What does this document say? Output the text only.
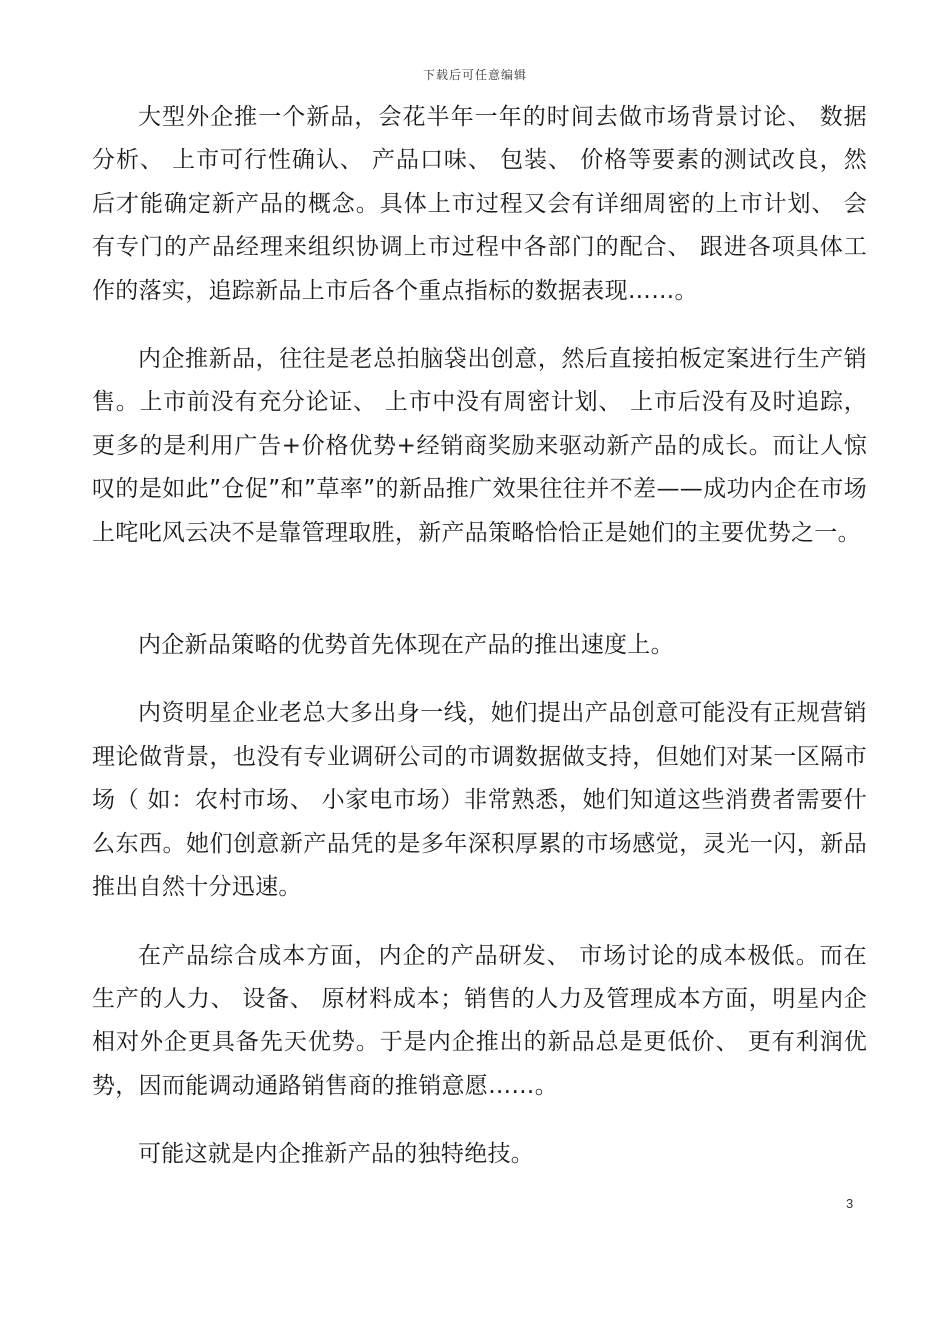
下载后可任意编辑

大型外企推一个新品，会花半年一年的时间去做市场背景讨论、 数据分析、 上市可行性确认、 产品口味、 包装、 价格等要素的测试改良，然后才能确定新产品的概念。具体上市过程又会有详细周密的上市计划、 会有专门的产品经理来组织协调上市过程中各部门的配合、 跟进各项具体工作的落实，追踪新品上市后各个重点指标的数据表现……。

内企推新品，往往是老总拍脑袋出创意，然后直接拍板定案进行生产销售。上市前没有充分论证、 上市中没有周密计划、 上市后没有及时追踪，更多的是利用广告+价格优势+经销商奖励来驱动新产品的成长。而让人惊叹的是如此”仓促”和”草率”的新品推广效果往往并不差——成功内企在市场上咤叱风云决不是靠管理取胜，新产品策略恰恰正是她们的主要优势之一。

内企新品策略的优势首先体现在产品的推出速度上。

内资明星企业老总大多出身一线，她们提出产品创意可能没有正规营销理论做背景，也没有专业调研公司的市调数据做支持，但她们对某一区隔市场（ 如：农村市场、 小家电市场）非常熟悉，她们知道这些消费者需要什么东西。她们创意新产品凭的是多年深积厚累的市场感觉，灵光一闪，新品推出自然十分迅速。

在产品综合成本方面，内企的产品研发、 市场讨论的成本极低。而在生产的人力、 设备、 原材料成本；销售的人力及管理成本方面，明星内企相对外企更具备先天优势。于是内企推出的新品总是更低价、 更有利润优势，因而能调动通路销售商的推销意愿……。

可能这就是内企推新产品的独特绝技。

3
